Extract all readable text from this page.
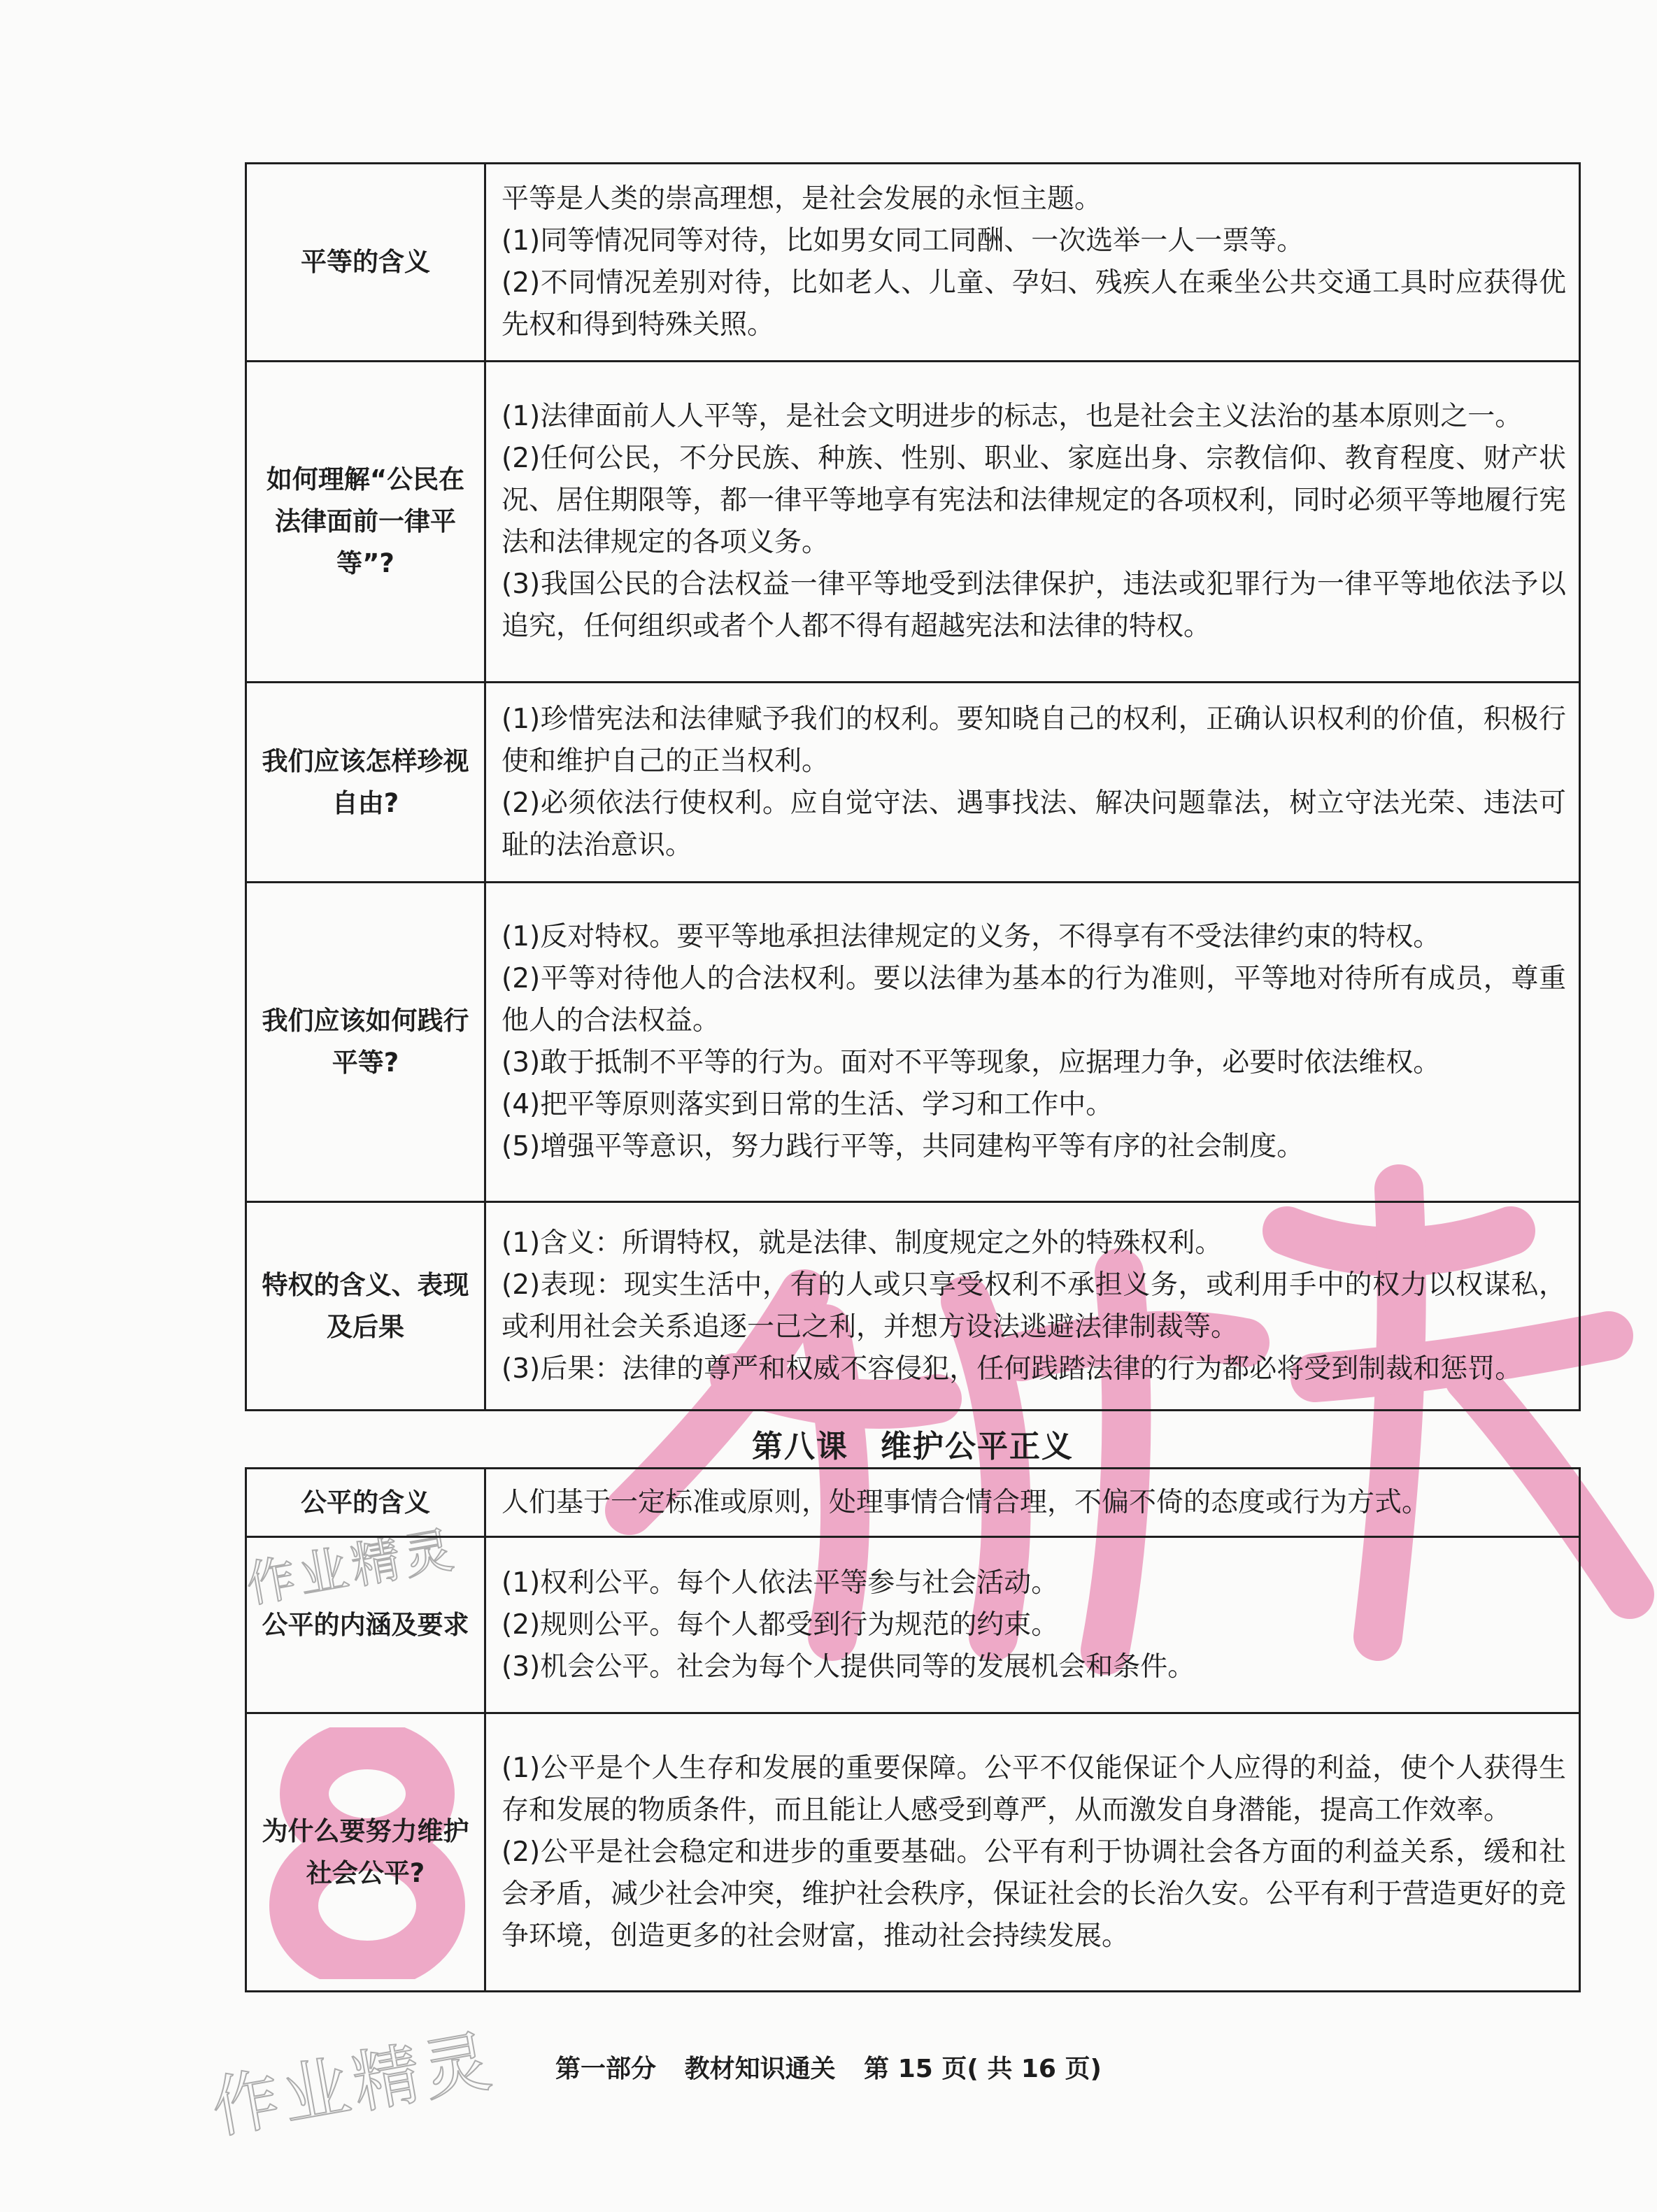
作业精灵
作业精灵
平等的含义	平等是人类的崇高理想，是社会发展的永恒主题。

(1)同等情况同等对待，比如男女同工同酬、一次选举一人一票等。

(2)不同情况差别对待，比如老人、儿童、孕妇、残疾人在乘坐公共交通工具时应获得优先权和得到特殊关照。

如何理解“公民在法律面前一律平等”?	(1)法律面前人人平等，是社会文明进步的标志，也是社会主义法治的基本原则之一。

(2)任何公民，不分民族、种族、性别、职业、家庭出身、宗教信仰、教育程度、财产状况、居住期限等，都一律平等地享有宪法和法律规定的各项权利，同时必须平等地履行宪法和法律规定的各项义务。

(3)我国公民的合法权益一律平等地受到法律保护，违法或犯罪行为一律平等地依法予以追究，任何组织或者个人都不得有超越宪法和法律的特权。

我们应该怎样珍视自由?	(1)珍惜宪法和法律赋予我们的权利。要知晓自己的权利，正确认识权利的价值，积极行使和维护自己的正当权利。

(2)必须依法行使权利。应自觉守法、遇事找法、解决问题靠法，树立守法光荣、违法可耻的法治意识。

我们应该如何践行平等?	(1)反对特权。要平等地承担法律规定的义务，不得享有不受法律约束的特权。

(2)平等对待他人的合法权利。要以法律为基本的行为准则，平等地对待所有成员，尊重他人的合法权益。

(3)敢于抵制不平等的行为。面对不平等现象，应据理力争，必要时依法维权。

(4)把平等原则落实到日常的生活、学习和工作中。

(5)增强平等意识，努力践行平等，共同建构平等有序的社会制度。

特权的含义、表现及后果	(1)含义：所谓特权，就是法律、制度规定之外的特殊权利。

(2)表现：现实生活中，有的人或只享受权利不承担义务，或利用手中的权力以权谋私，或利用社会关系追逐一己之利，并想方设法逃避法律制裁等。

(3)后果：法律的尊严和权威不容侵犯，任何践踏法律的行为都必将受到制裁和惩罚。

第八课　维护公平正义
公平的含义	人们基于一定标准或原则，处理事情合情合理，不偏不倚的态度或行为方式。

公平的内涵及要求	(1)权利公平。每个人依法平等参与社会活动。

(2)规则公平。每个人都受到行为规范的约束。

(3)机会公平。社会为每个人提供同等的发展机会和条件。

为什么要努力维护社会公平?	(1)公平是个人生存和发展的重要保障。公平不仅能保证个人应得的利益，使个人获得生存和发展的物质条件，而且能让人感受到尊严，从而激发自身潜能，提高工作效率。

(2)公平是社会稳定和进步的重要基础。公平有利于协调社会各方面的利益关系，缓和社会矛盾，减少社会冲突，维护社会秩序，保证社会的长治久安。公平有利于营造更好的竞争环境，创造更多的社会财富，推动社会持续发展。

第一部分 教材知识通关 第 15 页( 共 16 页)
